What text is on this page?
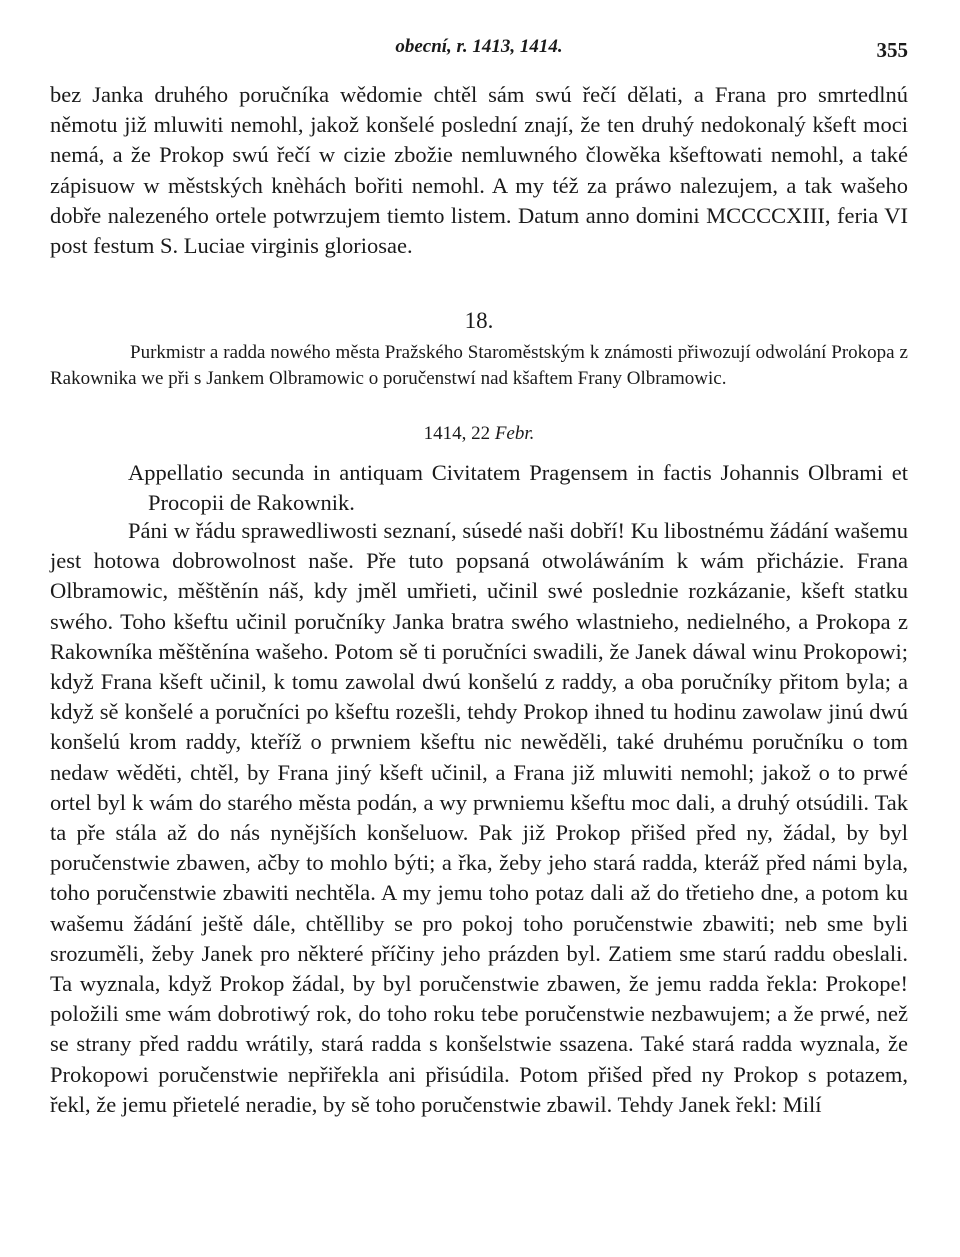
obecní, r. 1413, 1414.	355

bez Janka druhého poručníka wědomie chtěl sám swú řečí dělati, a Frana pro smrtedlnú němotu již mluwiti nemohl, jakož konšelé poslední znají, že ten druhý nedokonalý kšeft moci nemá, a že Prokop swú řečí w cizie zbožie nemluwného člowěka kšeftowati nemohl, a také zápisuow w městských knèhách bořiti nemohl. A my též za práwo nalezujem, a tak wašeho dobře nalezeného ortele potwrzujem tiemto listem. Datum anno domini MCCCCXIII, feria VI post festum S. Luciae virginis gloriosae.

18.

Purkmistr a radda nowého města Pražského Staroměstským k známosti přiwozují odwolání Prokopa z Rakownika we při s Jankem Olbramowic o poručenstwí nad kšaftem Frany Olbramowic.

1414, 22 Febr.

Appellatio secunda in antiquam Civitatem Pragensem in factis Johannis Olbrami et Procopii de Rakownik.

Páni w řádu sprawedliwosti seznaní, súsedé naši dobří! Ku libostnému žádání wašemu jest hotowa dobrowolnost naše. Pře tuto popsaná otwoláwáním k wám přicházie. Frana Olbramowic, měštěnín náš, kdy jměl umřieti, učinil swé poslednie rozkázanie, kšeft statku swého. Toho kšeftu učinil poručníky Janka bratra swého wlastnieho, nedielného, a Prokopa z Rakowníka měštěnína wašeho. Potom sě ti poručníci swadili, že Janek dáwal winu Prokopowi; když Frana kšeft učinil, k tomu zawolal dwú konšelú z raddy, a oba poručníky přitom byla; a když sě konšelé a poručníci po kšeftu rozešli, tehdy Prokop ihned tu hodinu zawolaw jinú dwú konšelú krom raddy, kteříž o prwniem kšeftu nic newěděli, také druhému poručníku o tom nedaw wěděti, chtěl, by Frana jiný kšeft učinil, a Frana již mluwiti nemohl; jakož o to prwé ortel byl k wám do starého města podán, a wy prwniemu kšeftu moc dali, a druhý otsúdili. Tak ta pře stála až do nás nynějších konšeluow. Pak již Prokop přišed před ny, žádal, by byl poručenstwie zbawen, ačby to mohlo býti; a řka, žeby jeho stará radda, kteráž před námi byla, toho poručenstwie zbawiti nechtěla. A my jemu toho potaz dali až do třetieho dne, a potom ku wašemu žádání ještě dále, chtělliby se pro pokoj toho poručenstwie zbawiti; neb sme byli srozuměli, žeby Janek pro některé příčiny jeho prázden byl. Zatiem sme starú raddu obeslali. Ta wyznala, když Prokop žádal, by byl poručenstwie zbawen, že jemu radda řekla: Prokope! položili sme wám dobrotiwý rok, do toho roku tebe poručenstwie nezbawujem; a že prwé, než se strany před raddu wrátily, stará radda s konšelstwie ssazena. Také stará radda wyznala, že Prokopowi poručenstwie nepřiřekla ani přisúdila. Potom přišed před ny Prokop s potazem, řekl, že jemu přietelé neradie, by sě toho poručenstwie zbawil. Tehdy Janek řekl: Milí
